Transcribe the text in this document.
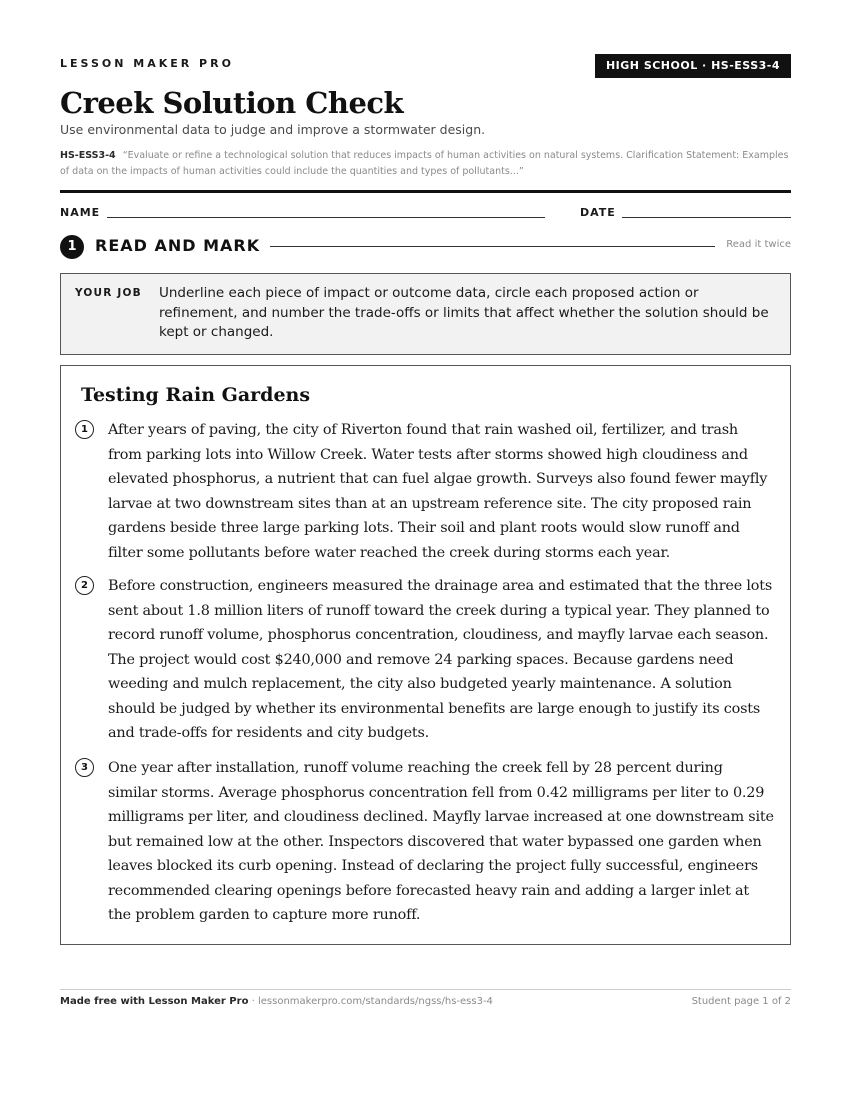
LESSON MAKER PRO	HIGH SCHOOL · HS-ESS3-4
Creek Solution Check
Use environmental data to judge and improve a stormwater design.
HS-ESS3-4 “Evaluate or refine a technological solution that reduces impacts of human activities on natural systems. Clarification Statement: Examples of data on the impacts of human activities could include the quantities and types of pollutants...”
NAME	DATE
1	READ AND MARK	Read it twice
YOUR JOB Underline each piece of impact or outcome data, circle each proposed action or refinement, and number the trade-offs or limits that affect whether the solution should be kept or changed.
Testing Rain Gardens
1	After years of paving, the city of Riverton found that rain washed oil, fertilizer, and trash from parking lots into Willow Creek. Water tests after storms showed high cloudiness and elevated phosphorus, a nutrient that can fuel algae growth. Surveys also found fewer mayfly larvae at two downstream sites than at an upstream reference site. The city proposed rain gardens beside three large parking lots. Their soil and plant roots would slow runoff and filter some pollutants before water reached the creek during storms each year.

2	Before construction, engineers measured the drainage area and estimated that the three lots sent about 1.8 million liters of runoff toward the creek during a typical year. They planned to record runoff volume, phosphorus concentration, cloudiness, and mayfly larvae each season. The project would cost $240,000 and remove 24 parking spaces. Because gardens need weeding and mulch replacement, the city also budgeted yearly maintenance. A solution should be judged by whether its environmental benefits are large enough to justify its costs and trade-offs for residents and city budgets.

3	One year after installation, runoff volume reaching the creek fell by 28 percent during similar storms. Average phosphorus concentration fell from 0.42 milligrams per liter to 0.29 milligrams per liter, and cloudiness declined. Mayfly larvae increased at one downstream site but remained low at the other. Inspectors discovered that water bypassed one garden when leaves blocked its curb opening. Instead of declaring the project fully successful, engineers recommended clearing openings before forecasted heavy rain and adding a larger inlet at the problem garden to capture more runoff.

Made free with Lesson Maker Pro · lessonmakerpro.com/standards/ngss/hs-ess3-4	Student page 1 of 2
